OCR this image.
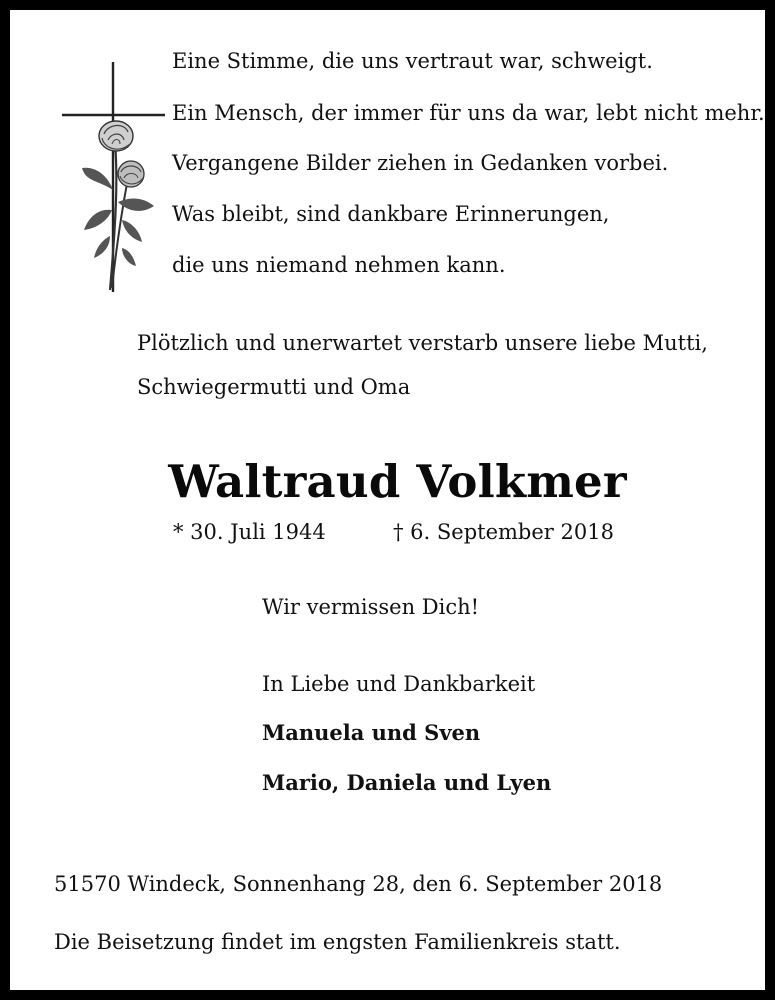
Eine Stimme, die uns vertraut war, schweigt.
Ein Mensch, der immer für uns da war, lebt nicht mehr.
Vergangene Bilder ziehen in Gedanken vorbei.
Was bleibt, sind dankbare Erinnerungen,
die uns niemand nehmen kann.
Plötzlich und unerwartet verstarb unsere liebe Mutti,
Schwiegermutti und Oma
Waltraud Volkmer
* 30. Juli 1944	† 6. September 2018
Wir vermissen Dich!
In Liebe und Dankbarkeit
Manuela und Sven
Mario, Daniela und Lyen
51570 Windeck, Sonnenhang 28, den 6. September 2018
Die Beisetzung findet im engsten Familienkreis statt.
